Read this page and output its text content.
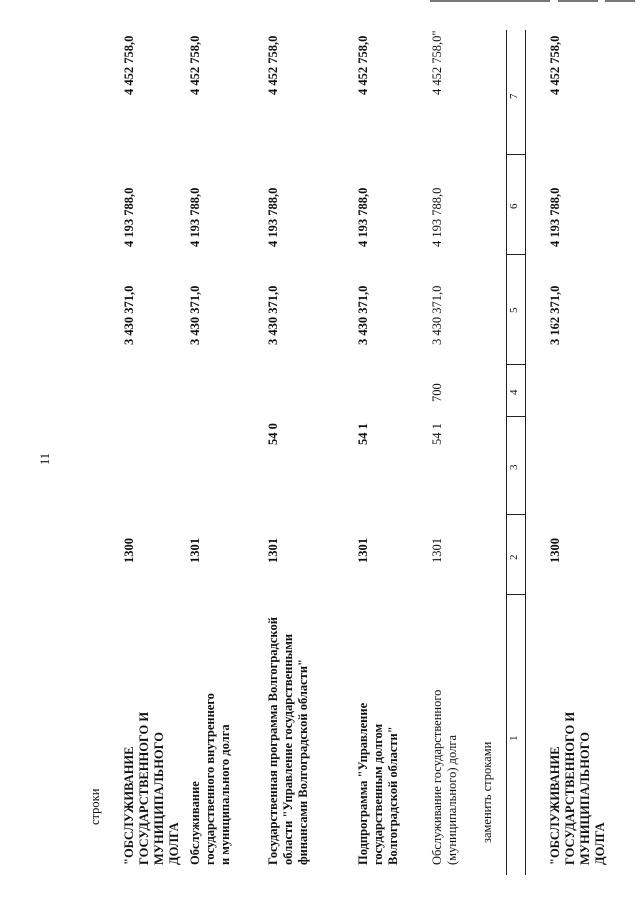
11
строки "ОБСЛУЖИВАНИЕ ГОСУДАРСТВЕННОГО И МУНИЦИПАЛЬНОГО ДОЛГА
1300
3 430 371,0
4 193 788,0
4 452 758,0
Обслуживание государственного внутреннего и муниципального долга
1301
3 430 371,0
4 193 788,0
4 452 758,0
Государственная программа Волгоградской области "Управление государственными финансами Волгоградской области"
1301
54 0
3 430 371,0
4 193 788,0
4 452 758,0
Подпрограмма "Управление государственным долгом Волгоградской области"
1301
54 1
3 430 371,0
4 193 788,0
4 452 758,0
Обслуживание государственного (муниципального) долга
1301
54 1
700
3 430 371,0
4 193 788,0
4 452 758,0"
заменить строками
1
2
3
4
5
6
7
"ОБСЛУЖИВАНИЕ ГОСУДАРСТВЕННОГО И МУНИЦИПАЛЬНОГО ДОЛГА
1300
3 162 371,0
4 193 788,0
4 452 758,0
